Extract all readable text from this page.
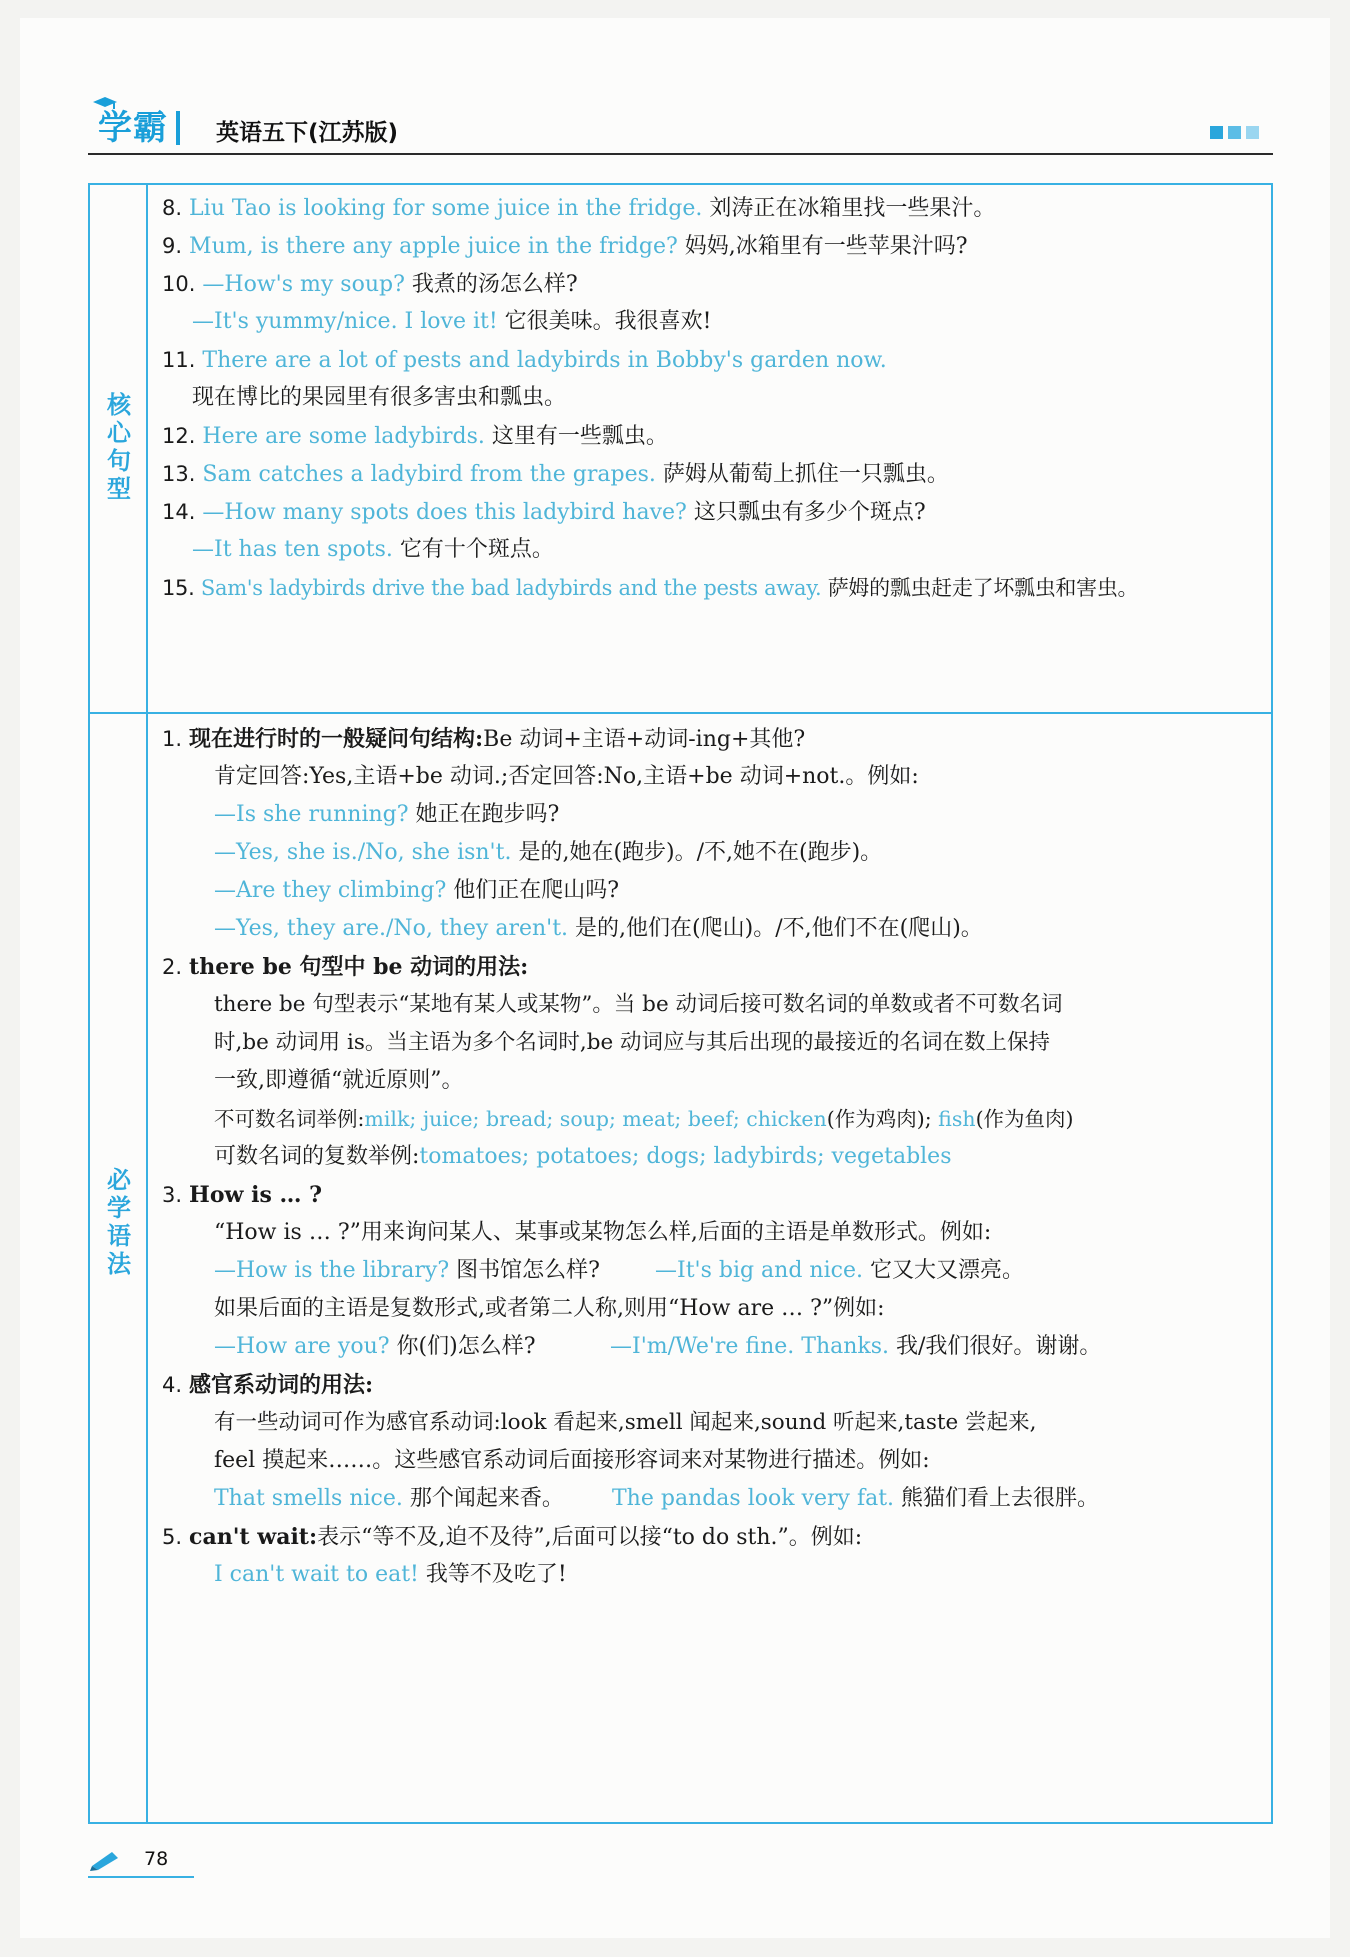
学霸 英语五下(江苏版)
核
心
句
型
8. Liu Tao is looking for some juice in the fridge. 刘涛正在冰箱里找一些果汁。
9. Mum, is there any apple juice in the fridge? 妈妈,冰箱里有一些苹果汁吗?
10. —How's my soup? 我煮的汤怎么样?
—It's yummy/nice. I love it! 它很美味。我很喜欢!
11. There are a lot of pests and ladybirds in Bobby's garden now.
现在博比的果园里有很多害虫和瓢虫。
12. Here are some ladybirds. 这里有一些瓢虫。
13. Sam catches a ladybird from the grapes. 萨姆从葡萄上抓住一只瓢虫。
14. —How many spots does this ladybird have? 这只瓢虫有多少个斑点?
—It has ten spots. 它有十个斑点。
15. Sam's ladybirds drive the bad ladybirds and the pests away. 萨姆的瓢虫赶走了坏瓢虫和害虫。
必
学
语
法
1. 现在进行时的一般疑问句结构:Be 动词+主语+动词-ing+其他?
肯定回答:Yes,主语+be 动词.;否定回答:No,主语+be 动词+not.。例如:
—Is she running? 她正在跑步吗?
—Yes, she is./No, she isn't. 是的,她在(跑步)。/不,她不在(跑步)。
—Are they climbing? 他们正在爬山吗?
—Yes, they are./No, they aren't. 是的,他们在(爬山)。/不,他们不在(爬山)。
2. there be 句型中 be 动词的用法:
there be 句型表示“某地有某人或某物”。当 be 动词后接可数名词的单数或者不可数名词
时,be 动词用 is。当主语为多个名词时,be 动词应与其后出现的最接近的名词在数上保持
一致,即遵循“就近原则”。
不可数名词举例:milk; juice; bread; soup; meat; beef; chicken(作为鸡肉); fish(作为鱼肉)
可数名词的复数举例:tomatoes; potatoes; dogs; ladybirds; vegetables
3. How is … ?
“How is … ?”用来询问某人、某事或某物怎么样,后面的主语是单数形式。例如:
—How is the library? 图书馆怎么样?	—It's big and nice. 它又大又漂亮。
如果后面的主语是复数形式,或者第二人称,则用“How are … ?”例如:
—How are you? 你(们)怎么样?	—I'm/We're fine. Thanks. 我/我们很好。谢谢。
4. 感官系动词的用法:
有一些动词可作为感官系动词:look 看起来,smell 闻起来,sound 听起来,taste 尝起来,
feel 摸起来……。这些感官系动词后面接形容词来对某物进行描述。例如:
That smells nice. 那个闻起来香。 The pandas look very fat. 熊猫们看上去很胖。
5. can't wait:表示“等不及,迫不及待”,后面可以接“to do sth.”。例如:
I can't wait to eat! 我等不及吃了!
78
